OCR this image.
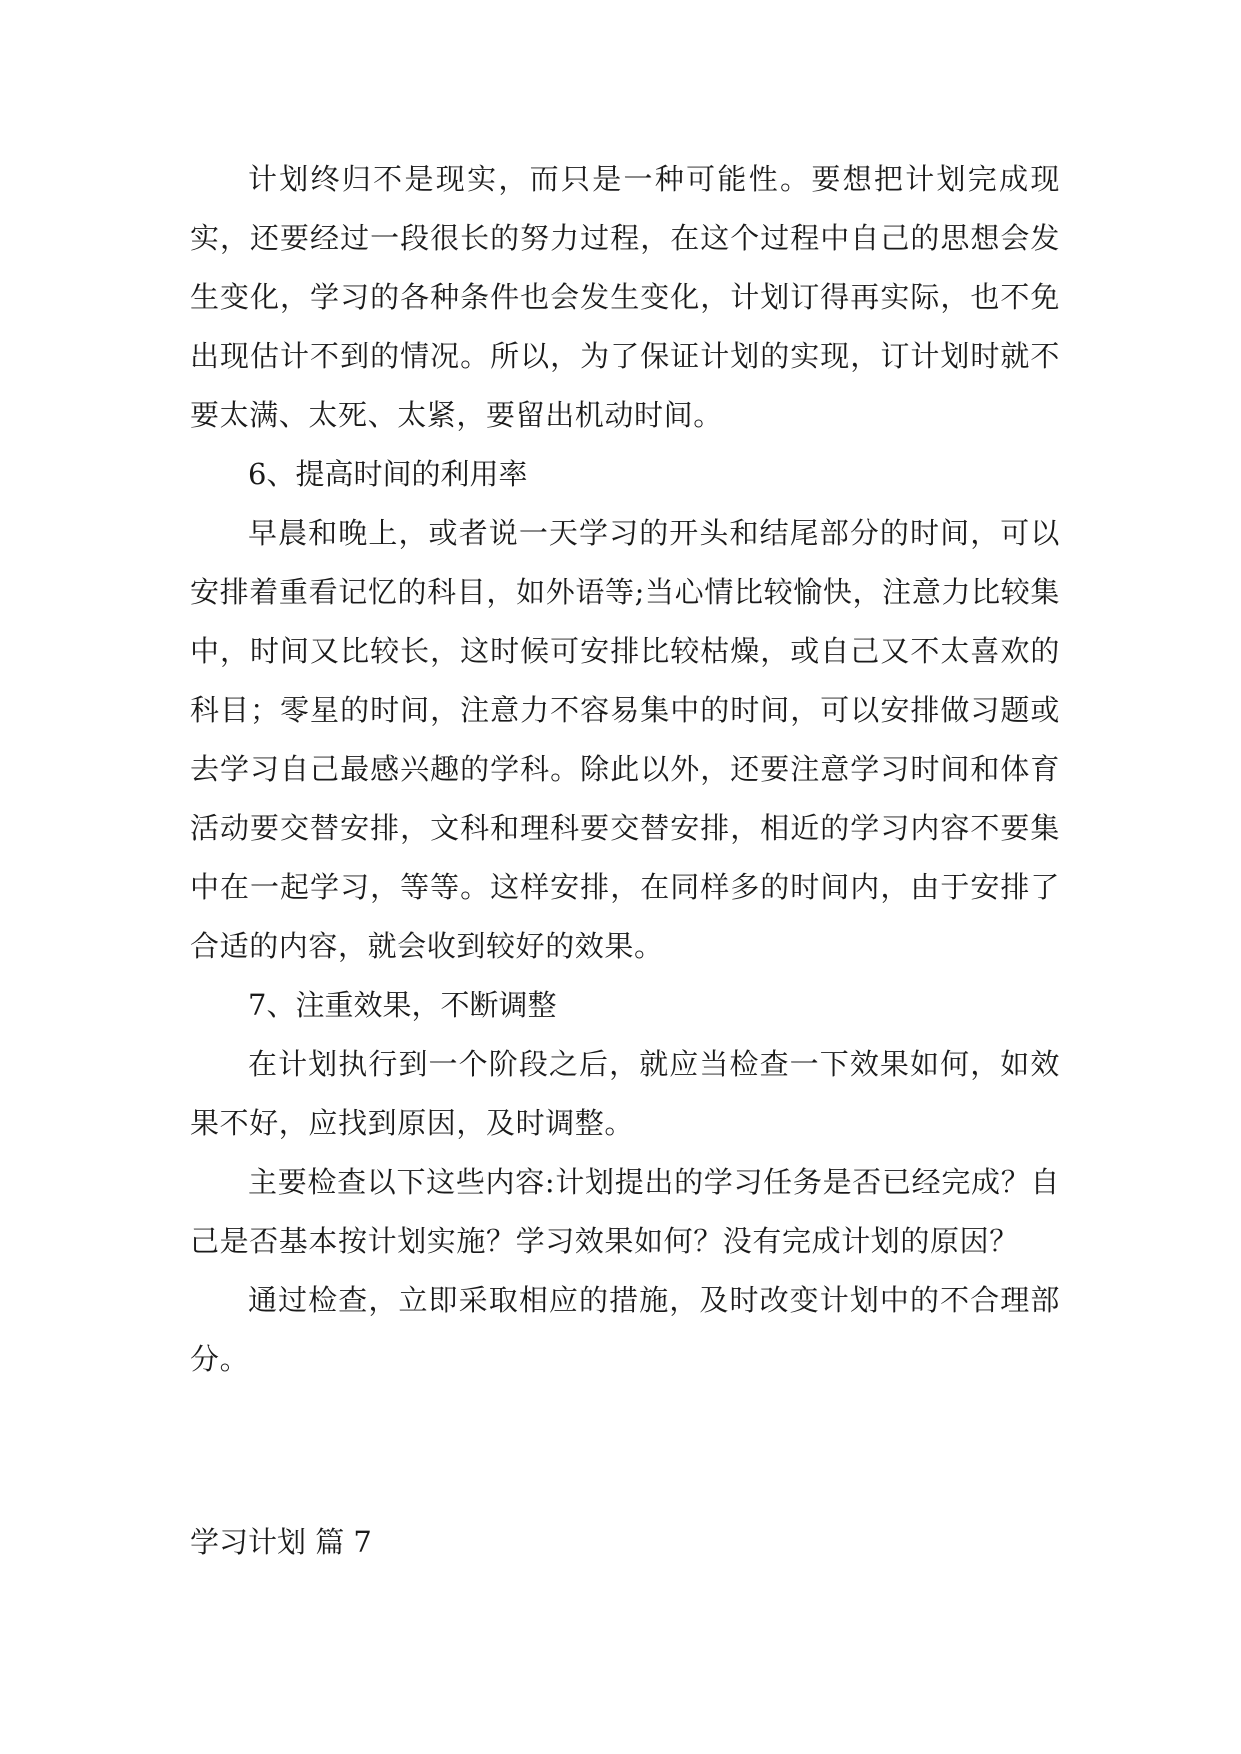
计划终归不是现实，而只是一种可能性。要想把计划完成现实，还要经过一段很长的努力过程，在这个过程中自己的思想会发生变化，学习的各种条件也会发生变化，计划订得再实际，也不免出现估计不到的情况。所以，为了保证计划的实现，订计划时就不要太满、太死、太紧，要留出机动时间。

6、提高时间的利用率

早晨和晚上，或者说一天学习的开头和结尾部分的时间，可以安排着重看记忆的科目，如外语等;当心情比较愉快，注意力比较集中，时间又比较长，这时候可安排比较枯燥，或自己又不太喜欢的科目；零星的时间，注意力不容易集中的时间，可以安排做习题或去学习自己最感兴趣的学科。除此以外，还要注意学习时间和体育活动要交替安排，文科和理科要交替安排，相近的学习内容不要集中在一起学习，等等。这样安排，在同样多的时间内，由于安排了合适的内容，就会收到较好的效果。

7、注重效果，不断调整

在计划执行到一个阶段之后，就应当检查一下效果如何，如效果不好，应找到原因，及时调整。

主要检查以下这些内容:计划提出的学习任务是否已经完成？自己是否基本按计划实施？学习效果如何？没有完成计划的原因？

通过检查，立即采取相应的措施，及时改变计划中的不合理部分。

学习计划 篇 7
